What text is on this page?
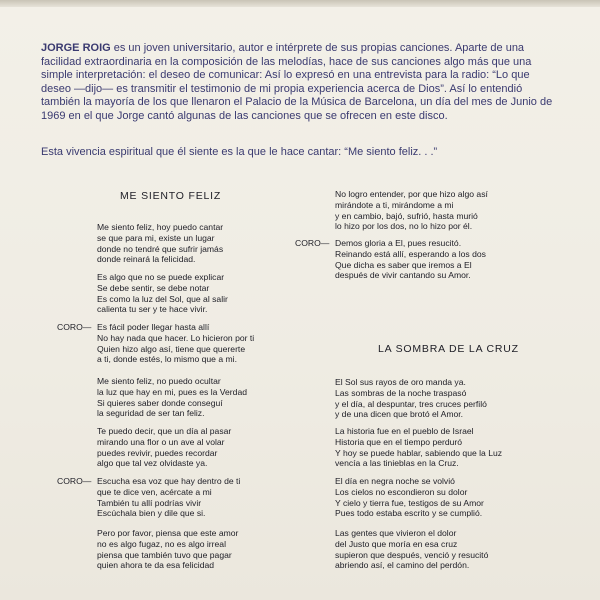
JORGE ROIG es un joven universitario, autor e intérprete de sus propias canciones. Aparte de una facilidad extraordinaria en la composición de las melodías, hace de sus canciones algo más que una simple interpretación: el deseo de comunicar: Así lo expresó en una entrevista para la radio: “Lo que deseo —dijo— es transmitir el testimonio de mi propia experiencia acerca de Dios”. Así lo entendió también la mayoría de los que llenaron el Palacio de la Música de Barcelona, un día del mes de Junio de 1969 en el que Jorge cantó algunas de las canciones que se ofrecen en este disco.
Esta vivencia espiritual que él siente es la que le hace cantar: “Me siento feliz. . .”
ME SIENTO FELIZ
Me siento feliz, hoy puedo cantar
se que para mi, existe un lugar
donde no tendré que sufrir jamás
donde reinará la felicidad.
Es algo que no se puede explicar
Se debe sentir, se debe notar
Es como la luz del Sol, que al salir
calienta tu ser y te hace vivir.
CORO— Es fácil poder llegar hasta allí
No hay nada que hacer. Lo hicieron por ti
Quien hizo algo así, tiene que quererte
a ti, donde estés, lo mismo que a mi.
Me siento feliz, no puedo ocultar
la luz que hay en mi, pues es la Verdad
Si quieres saber donde conseguí
la seguridad de ser tan feliz.
Te puedo decir, que un día al pasar
mirando una flor o un ave al volar
puedes revivir, puedes recordar
algo que tal vez olvidaste ya.
CORO— Escucha esa voz que hay dentro de ti
que te dice ven, acércate a mi
También tu allí podrías vivir
Escúchala bien y dile que si.
Pero por favor, piensa que este amor
no es algo fugaz, no es algo irreal
piensa que también tuvo que pagar
quien ahora te da esa felicidad
No logro entender, por que hizo algo así
mirándote a ti, mirándome a mi
y en cambio, bajó, sufrió, hasta murió
lo hizo por los dos, no lo hizo por él.
CORO— Demos gloria a El, pues resucitó.
Reinando está allí, esperando a los dos
Que dicha es saber que iremos a El
después de vivir cantando su Amor.
LA SOMBRA DE LA CRUZ
El Sol sus rayos de oro manda ya.
Las sombras de la noche traspasó
y el día, al despuntar, tres cruces perfiló
y de una dicen que brotó el Amor.
La historia fue en el pueblo de Israel
Historia que en el tiempo perduró
Y hoy se puede hablar, sabiendo que la Luz
vencía a las tinieblas en la Cruz.
El día en negra noche se volvió
Los cielos no escondieron su dolor
Y cielo y tierra fue, testigos de su Amor
Pues todo estaba escrito y se cumplió.
Las gentes que vivieron el dolor
del Justo que moría en esa cruz
supieron que después, venció y resucitó
abriendo así, el camino del perdón.
